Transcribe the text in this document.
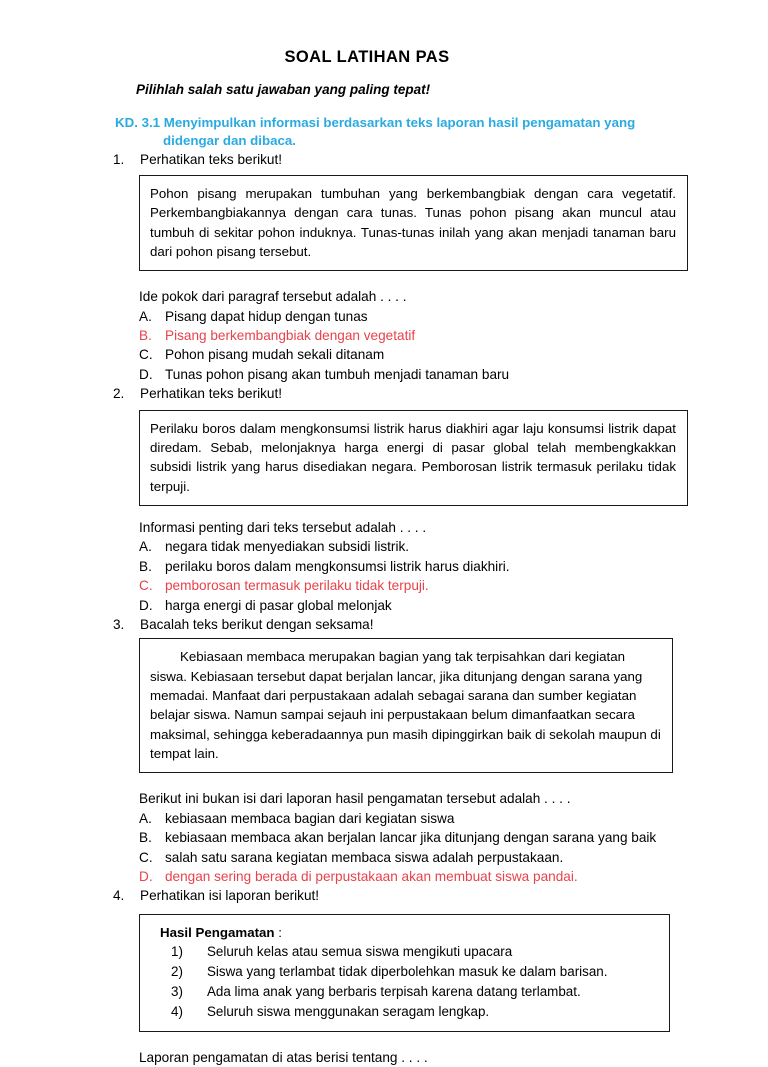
SOAL LATIHAN PAS

Pilihlah salah satu jawaban yang paling tepat!

KD. 3.1 Menyimpulkan informasi berdasarkan teks laporan hasil pengamatan yang

didengar dan dibaca.

1.	Perhatikan teks berikut!

Pohon pisang merupakan tumbuhan yang berkembangbiak dengan cara vegetatif. Perkembangbiakannya dengan cara tunas. Tunas pohon pisang akan muncul atau tumbuh di sekitar pohon induknya. Tunas-tunas inilah yang akan menjadi tanaman baru dari pohon pisang tersebut.

Ide pokok dari paragraf tersebut adalah . . . .

A. Pisang dapat hidup dengan tunas
B. Pisang berkembangbiak dengan vegetatif
C. Pohon pisang mudah sekali ditanam
D. Tunas pohon pisang akan tumbuh menjadi tanaman baru
2.	Perhatikan teks berikut!

Perilaku boros dalam mengkonsumsi listrik harus diakhiri agar laju konsumsi listrik dapat diredam. Sebab, melonjaknya harga energi di pasar global telah membengkakkan subsidi listrik yang harus disediakan negara. Pemborosan listrik termasuk perilaku tidak terpuji.

Informasi penting dari teks tersebut adalah . . . .

A. negara tidak menyediakan subsidi listrik.
B. perilaku boros dalam mengkonsumsi listrik harus diakhiri.
C. pemborosan termasuk perilaku tidak terpuji.
D. harga energi di pasar global melonjak
3.	Bacalah teks berikut dengan seksama!

Kebiasaan membaca merupakan bagian yang tak terpisahkan dari kegiatan siswa. Kebiasaan tersebut dapat berjalan lancar, jika ditunjang dengan sarana yang memadai. Manfaat dari perpustakaan adalah sebagai sarana dan sumber kegiatan belajar siswa. Namun sampai sejauh ini perpustakaan belum dimanfaatkan secara maksimal, sehingga keberadaannya pun masih dipinggirkan baik di sekolah maupun di tempat lain.

Berikut ini bukan isi dari laporan hasil pengamatan tersebut adalah . . . .

A. kebiasaan membaca bagian dari kegiatan siswa
B. kebiasaan membaca akan berjalan lancar jika ditunjang dengan sarana yang baik
C. salah satu sarana kegiatan membaca siswa adalah perpustakaan.
D. dengan sering berada di perpustakaan akan membuat siswa pandai.
4.	Perhatikan isi laporan berikut!

Hasil Pengamatan :

1)	Seluruh kelas atau semua siswa mengikuti upacara
2)	Siswa yang terlambat tidak diperbolehkan masuk ke dalam barisan.
3)	Ada lima anak yang berbaris terpisah karena datang terlambat.
4)	Seluruh siswa menggunakan seragam lengkap.

Laporan pengamatan di atas berisi tentang . . . .
